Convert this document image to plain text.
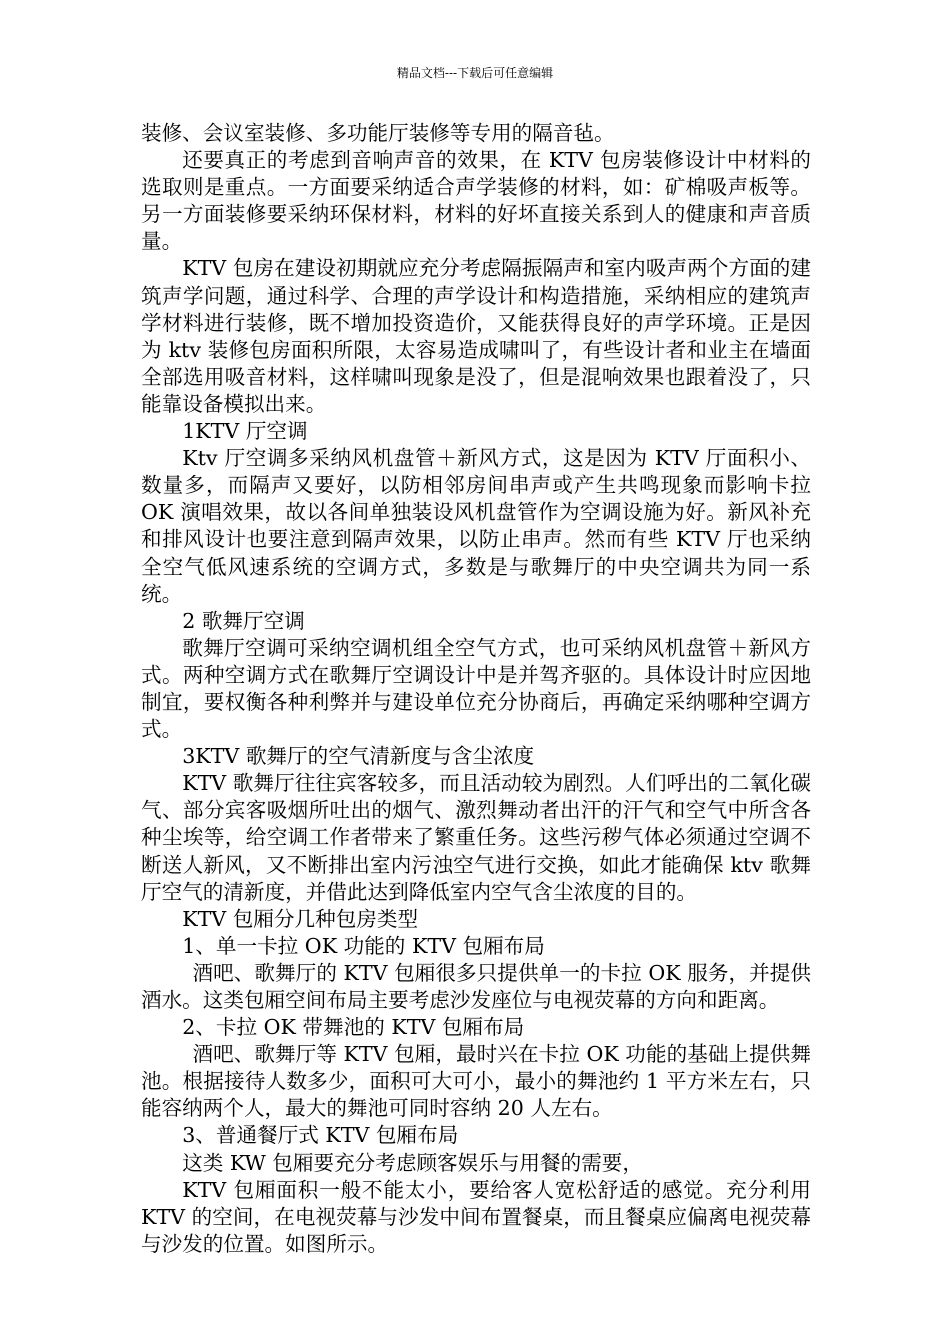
精品文档---下载后可任意编辑

装修、会议室装修、多功能厅装修等专用的隔音毡。

还要真正的考虑到音响声音的效果，在 KTV 包房装修设计中材料的选取则是重点。一方面要采纳适合声学装修的材料，如：矿棉吸声板等。另一方面装修要采纳环保材料，材料的好坏直接关系到人的健康和声音质量。

KTV 包房在建设初期就应充分考虑隔振隔声和室内吸声两个方面的建筑声学问题，通过科学、合理的声学设计和构造措施，采纳相应的建筑声学材料进行装修，既不增加投资造价，又能获得良好的声学环境。正是因为 ktv 装修包房面积所限，太容易造成啸叫了，有些设计者和业主在墙面全部选用吸音材料，这样啸叫现象是没了，但是混响效果也跟着没了，只能靠设备模拟出来。

1KTV 厅空调

Ktv 厅空调多采纳风机盘管＋新风方式，这是因为 KTV 厅面积小、数量多，而隔声又要好，以防相邻房间串声或产生共鸣现象而影响卡拉 OK 演唱效果，故以各间单独装设风机盘管作为空调设施为好。新风补充和排风设计也要注意到隔声效果，以防止串声。然而有些 KTV 厅也采纳全空气低风速系统的空调方式，多数是与歌舞厅的中央空调共为同一系统。

2 歌舞厅空调

歌舞厅空调可采纳空调机组全空气方式，也可采纳风机盘管＋新风方式。两种空调方式在歌舞厅空调设计中是并驾齐驱的。具体设计时应因地制宜，要权衡各种利弊并与建设单位充分协商后，再确定采纳哪种空调方式。

3KTV 歌舞厅的空气清新度与含尘浓度

KTV 歌舞厅往往宾客较多，而且活动较为剧烈。人们呼出的二氧化碳气、部分宾客吸烟所吐出的烟气、激烈舞动者出汗的汗气和空气中所含各种尘埃等，给空调工作者带来了繁重任务。这些污秽气体必须通过空调不断送人新风，又不断排出室内污浊空气进行交换，如此才能确保 ktv 歌舞厅空气的清新度，并借此达到降低室内空气含尘浓度的目的。

KTV 包厢分几种包房类型

1、单一卡拉 OK 功能的 KTV 包厢布局

酒吧、歌舞厅的 KTV 包厢很多只提供单一的卡拉 OK 服务，并提供酒水。这类包厢空间布局主要考虑沙发座位与电视荧幕的方向和距离。

2、卡拉 OK 带舞池的 KTV 包厢布局

酒吧、歌舞厅等 KTV 包厢，最时兴在卡拉 OK 功能的基础上提供舞池。根据接待人数多少，面积可大可小，最小的舞池约 1 平方米左右，只能容纳两个人，最大的舞池可同时容纳 20 人左右。

3、普通餐厅式 KTV 包厢布局

这类 KW 包厢要充分考虑顾客娱乐与用餐的需要，

KTV 包厢面积一般不能太小，要给客人宽松舒适的感觉。充分利用 KTV 的空间，在电视荧幕与沙发中间布置餐桌，而且餐桌应偏离电视荧幕与沙发的位置。如图所示。
